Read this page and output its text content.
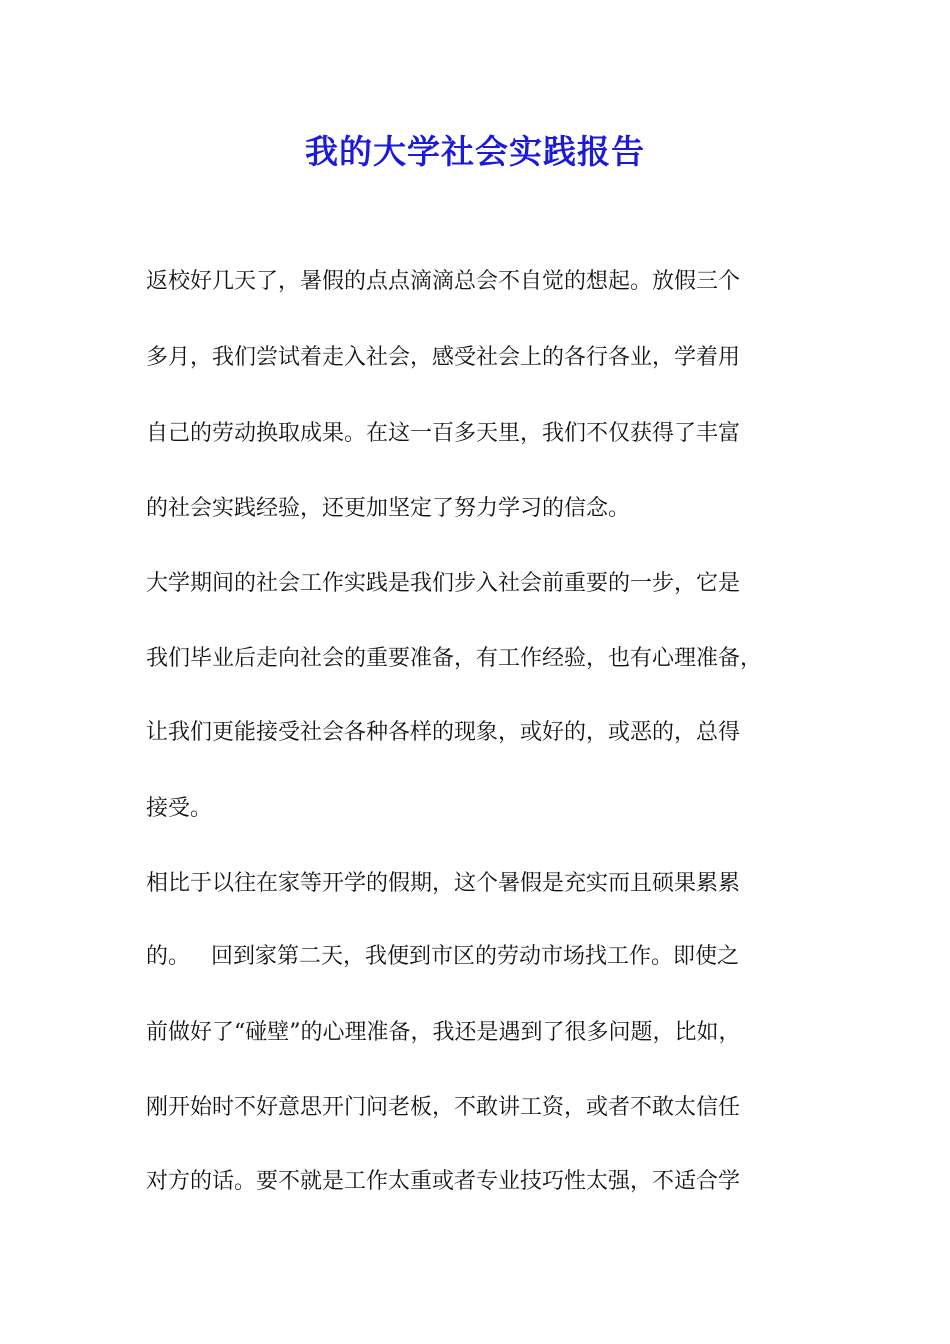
我的大学社会实践报告
返校好几天了，暑假的点点滴滴总会不自觉的想起。放假三个
多月，我们尝试着走入社会，感受社会上的各行各业，学着用
自己的劳动换取成果。在这一百多天里，我们不仅获得了丰富
的社会实践经验，还更加坚定了努力学习的信念。
大学期间的社会工作实践是我们步入社会前重要的一步，它是
我们毕业后走向社会的重要准备，有工作经验，也有心理准备，
让我们更能接受社会各种各样的现象，或好的，或恶的，总得
接受。
相比于以往在家等开学的假期，这个暑假是充实而且硕果累累
的。   回到家第二天，我便到市区的劳动市场找工作。即使之
前做好了“碰壁”的心理准备，我还是遇到了很多问题，比如，
刚开始时不好意思开门问老板，不敢讲工资，或者不敢太信任
对方的话。要不就是工作太重或者专业技巧性太强，不适合学
